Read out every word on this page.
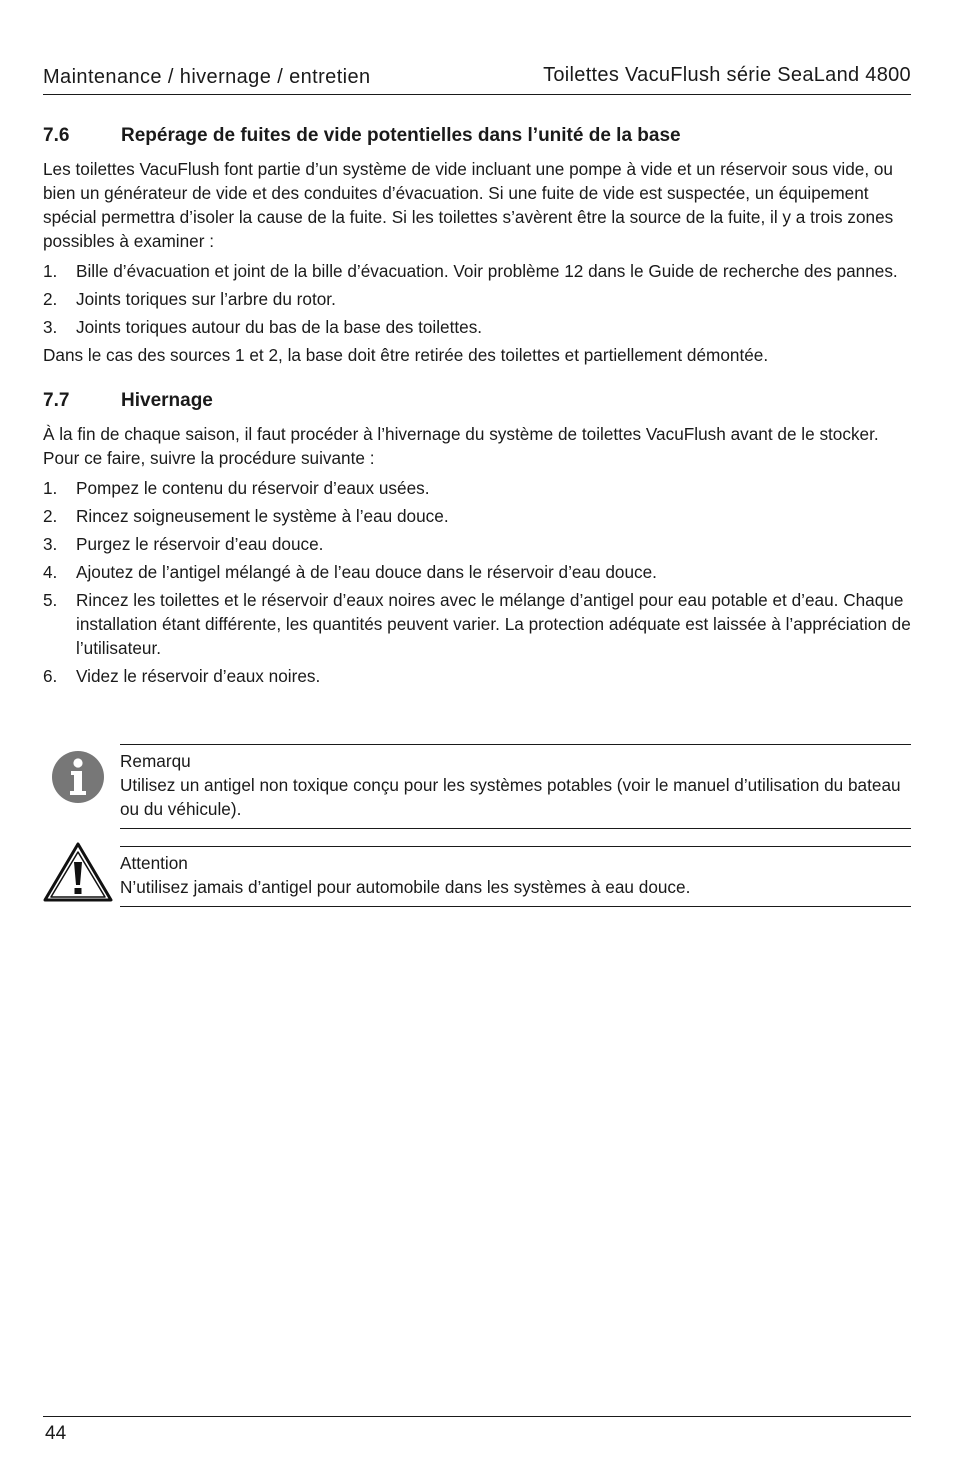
Maintenance / hivernage / entretien	Toilettes VacuFlush série SeaLand 4800
7.6	Repérage de fuites de vide potentielles dans l’unité de la base

Les toilettes VacuFlush font partie d’un système de vide incluant une pompe à vide et un réservoir sous vide, ou bien un générateur de vide et des conduites d’évacuation. Si une fuite de vide est suspectée, un équipement spécial permettra d’isoler la cause de la fuite. Si les toilettes s’avèrent être la source de la fuite, il y a trois zones possibles à examiner :

1.	Bille d’évacuation et joint de la bille d’évacuation. Voir problème 12 dans le Guide de recherche des pannes.
2.	Joints toriques sur l’arbre du rotor.
3.	Joints toriques autour du bas de la base des toilettes.

Dans le cas des sources 1 et 2, la base doit être retirée des toilettes et partiellement démontée.

7.7	Hivernage

À la fin de chaque saison, il faut procéder à l’hivernage du système de toilettes VacuFlush avant de le stocker. Pour ce faire, suivre la procédure suivante :

1.	Pompez le contenu du réservoir d’eaux usées.
2.	Rincez soigneusement le système à l’eau douce.
3.	Purgez le réservoir d’eau douce.
4.	Ajoutez de l’antigel mélangé à de l’eau douce dans le réservoir d’eau douce.
5.	Rincez les toilettes et le réservoir d’eaux noires avec le mélange d’antigel pour eau potable et d’eau. Chaque installation étant différente, les quantités peuvent varier. La protection adéquate est laissée à l’appréciation de l’utilisateur.
6.	Videz le réservoir d’eaux noires.
Remarqu
Utilisez un antigel non toxique conçu pour les systèmes potables (voir le manuel d’utilisation du bateau ou du véhicule).
Attention
N’utilisez jamais d’antigel pour automobile dans les systèmes à eau douce.
44
